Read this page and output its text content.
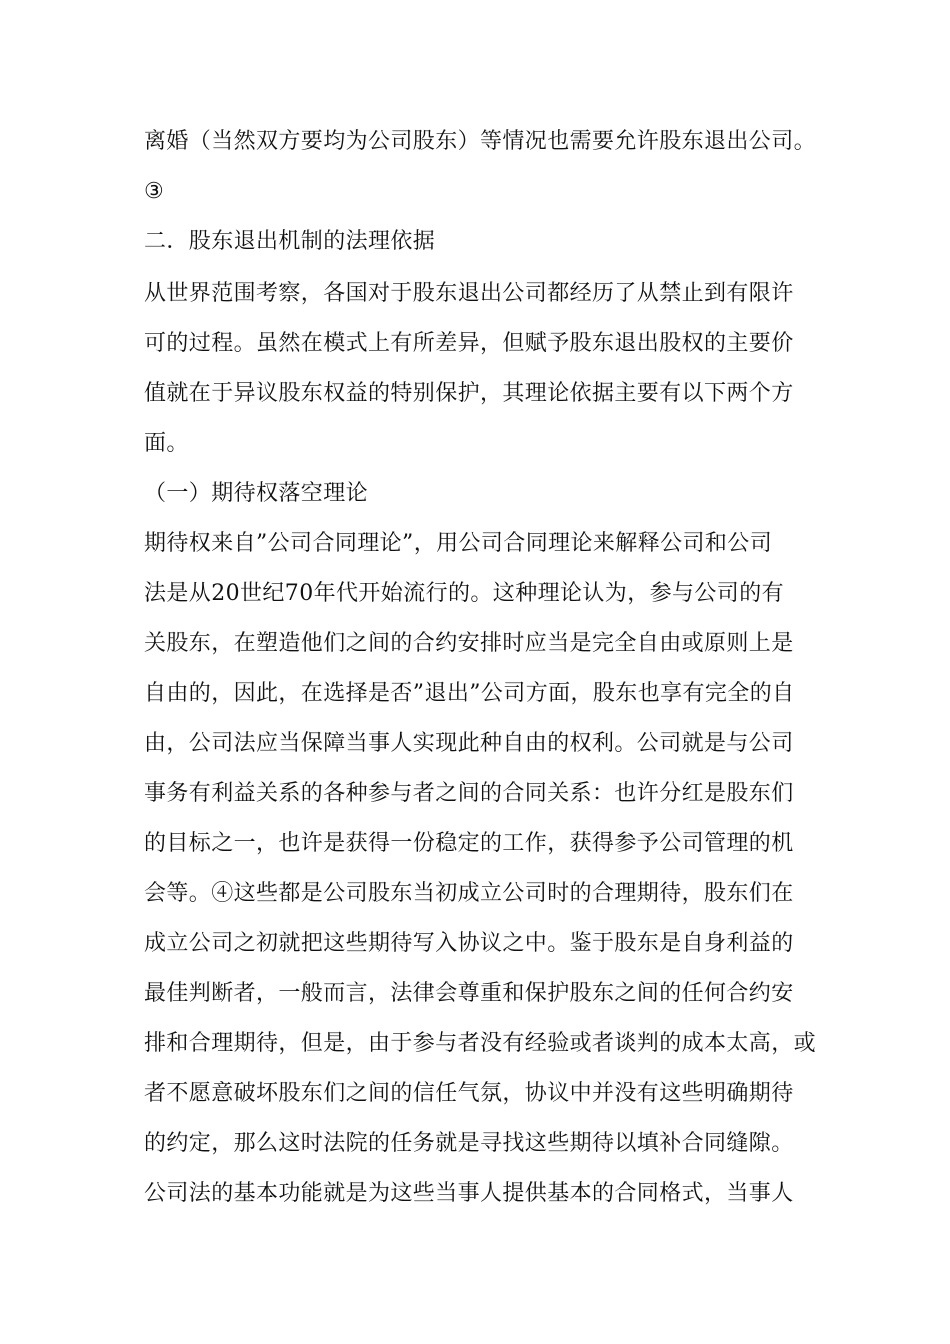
离婚（当然双方要均为公司股东）等情况也需要允许股东退出公司。
③
二．股东退出机制的法理依据
从世界范围考察，各国对于股东退出公司都经历了从禁止到有限许
可的过程。虽然在模式上有所差异，但赋予股东退出股权的主要价
值就在于异议股东权益的特别保护，其理论依据主要有以下两个方
面。
（一）期待权落空理论
期待权来自”公司合同理论”，用公司合同理论来解释公司和公司
法是从20世纪70年代开始流行的。这种理论认为，参与公司的有
关股东，在塑造他们之间的合约安排时应当是完全自由或原则上是
自由的，因此，在选择是否”退出”公司方面，股东也享有完全的自
由，公司法应当保障当事人实现此种自由的权利。公司就是与公司
事务有利益关系的各种参与者之间的合同关系：也许分红是股东们
的目标之一，也许是获得一份稳定的工作，获得参予公司管理的机
会等。④这些都是公司股东当初成立公司时的合理期待，股东们在
成立公司之初就把这些期待写入协议之中。鉴于股东是自身利益的
最佳判断者，一般而言，法律会尊重和保护股东之间的任何合约安
排和合理期待，但是，由于参与者没有经验或者谈判的成本太高，或
者不愿意破坏股东们之间的信任气氛，协议中并没有这些明确期待
的约定，那么这时法院的任务就是寻找这些期待以填补合同缝隙。
公司法的基本功能就是为这些当事人提供基本的合同格式，当事人
